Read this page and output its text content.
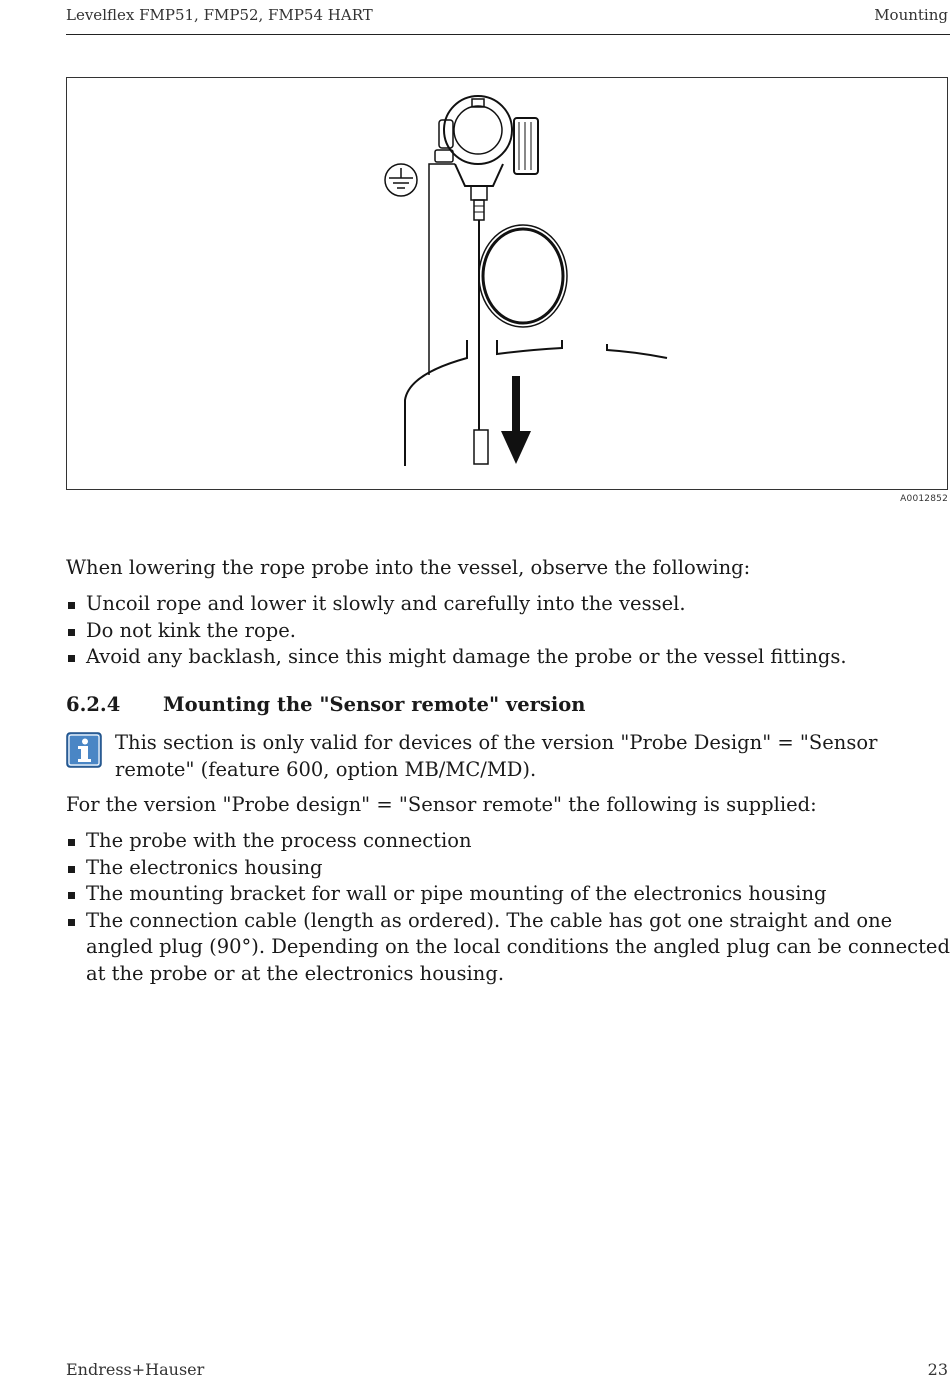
Levelflex FMP51, FMP52, FMP54 HART	Mounting
A0012852
When lowering the rope probe into the vessel, observe the following:
Uncoil rope and lower it slowly and carefully into the vessel.
Do not kink the rope.
Avoid any backlash, since this might damage the probe or the vessel fittings.
6.2.4 Mounting the "Sensor remote" version
This section is only valid for devices of the version "Probe Design" = "Sensor remote" (feature 600, option MB/MC/MD).
For the version "Probe design" = "Sensor remote" the following is supplied:
The probe with the process connection
The electronics housing
The mounting bracket for wall or pipe mounting of the electronics housing
The connection cable (length as ordered). The cable has got one straight and one angled plug (90°). Depending on the local conditions the angled plug can be connected at the probe or at the electronics housing.
Endress+Hauser	23
